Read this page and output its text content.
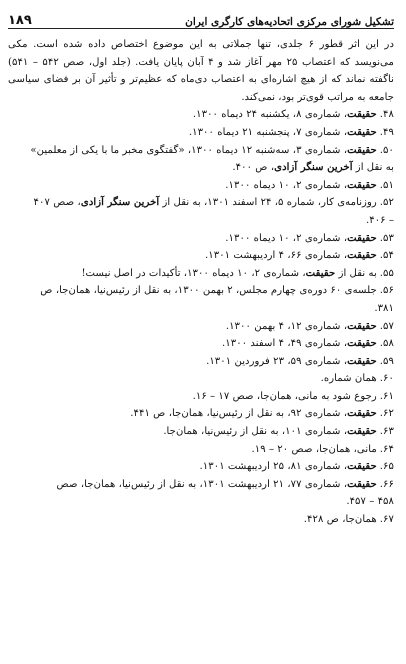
تشکیل شورای مرکزی اتحادیه‌های کارگری ایران
۱۸۹

در این اثر قطور ۶ جلدی، تنها جملاتی به این موضوع اختصاص داده شده است. مکی می‌نویسد که اعتصاب ۲۵ مهر آغاز شد و ۴ آبان پایان یافت. (جلد اول، صص ۵۴۲ – ۵۴۱) ناگفته نماند که از هیچ اشاره‌ای به اعتصاب دی‌ماه که عظیم‌تر و تأثیر آن بر فضای سیاسی جامعه به مراتب قوی‌تر بود، نمی‌کند.

۴۸.حقیقت، شماره‌ی ۸، یکشنبه ۲۴ دیماه ۱۳۰۰.

۴۹.حقیقت، شماره‌ی ۷، پنجشنبه ۲۱ دیماه ۱۳۰۰.

۵۰.حقیقت، شماره‌ی ۳، سه‌شنبه ۱۲ دیماه ۱۳۰۰، «گفتگوی مخبر ما با یکی از معلمین»

به نقل از آخرین سنگر آزادی، ص ۴۰۰.

۵۱.حقیقت، شماره‌ی ۲، ۱۰ دیماه ۱۳۰۰.

۵۲.روزنامه‌ی کار، شماره ۵، ۲۴ اسفند ۱۳۰۱، به نقل از آخرین سنگر آزادی، صص ۴۰۷

– ۴۰۶.

۵۳.حقیقت، شماره‌ی ۲، ۱۰ دیماه ۱۳۰۰.

۵۴.حقیقت، شماره‌ی ۶۶، ۴ اردیبهشت ۱۳۰۱.

۵۵.به نقل از حقیقت، شماره‌ی ۲، ۱۰ دیماه ۱۳۰۰، تأکیدات در اصل نیست!

۵۶.جلسه‌ی ۶۰ دوره‌ی چهارم مجلس، ۲ بهمن ۱۳۰۰، به نقل از رئیس‌نیا، همان‌جا، ص

۳۸۱.

۵۷.حقیقت، شماره‌ی ۱۲، ۴ بهمن ۱۳۰۰.

۵۸.حقیقت، شماره‌ی ۴۹، ۴ اسفند ۱۳۰۰.

۵۹.حقیقت، شماره‌ی ۵۹، ۲۳ فروردین ۱۳۰۱.

۶۰.همان شماره.

۶۱.رجوع شود به مانی، همان‌جا، صص ۱۷ – ۱۶.

۶۲.حقیقت، شماره‌ی ۹۲، به نقل از رئیس‌نیا، همان‌جا، ص ۴۴۱.

۶۳.حقیقت، شماره‌ی ۱۰۱، به نقل از رئیس‌نیا، همان‌جا.

۶۴.مانی، همان‌جا، صص ۲۰ – ۱۹.

۶۵.حقیقت، شماره‌ی ۸۱، ۲۵ اردیبهشت ۱۳۰۱.

۶۶.حقیقت، شماره‌ی ۷۷، ۲۱ اردیبهشت ۱۳۰۱، به نقل از رئیس‌نیا، همان‌جا، صص

۴۵۸ – ۴۵۷.

۶۷.همان‌جا، ص ۴۲۸.
